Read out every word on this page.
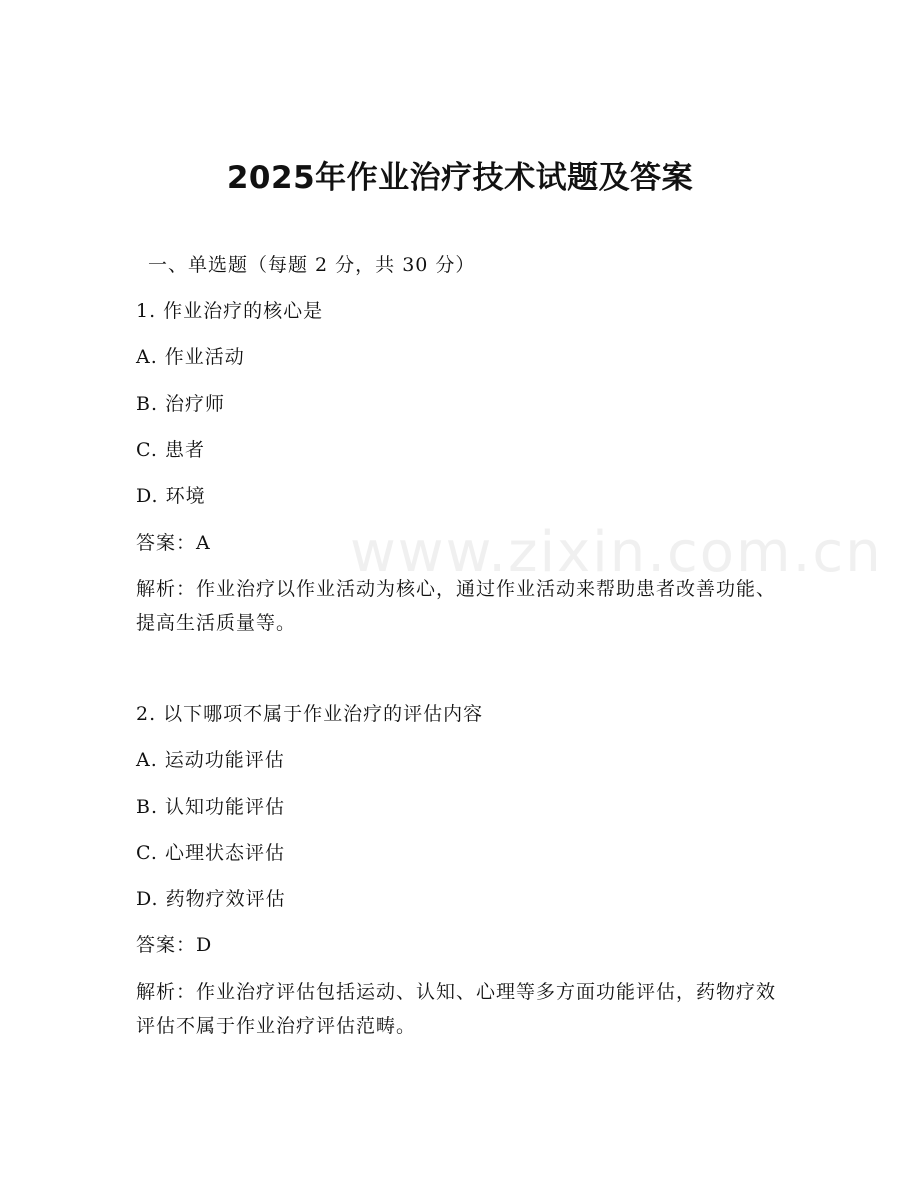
www.zixin.com.cn
2025年作业治疗技术试题及答案
一、单选题（每题 2 分，共 30 分）
1. 作业治疗的核心是
A. 作业活动
B. 治疗师
C. 患者
D. 环境
答案：A
解析：作业治疗以作业活动为核心，通过作业活动来帮助患者改善功能、提高生活质量等。
2. 以下哪项不属于作业治疗的评估内容
A. 运动功能评估
B. 认知功能评估
C. 心理状态评估
D. 药物疗效评估
答案：D
解析：作业治疗评估包括运动、认知、心理等多方面功能评估，药物疗效评估不属于作业治疗评估范畴。
